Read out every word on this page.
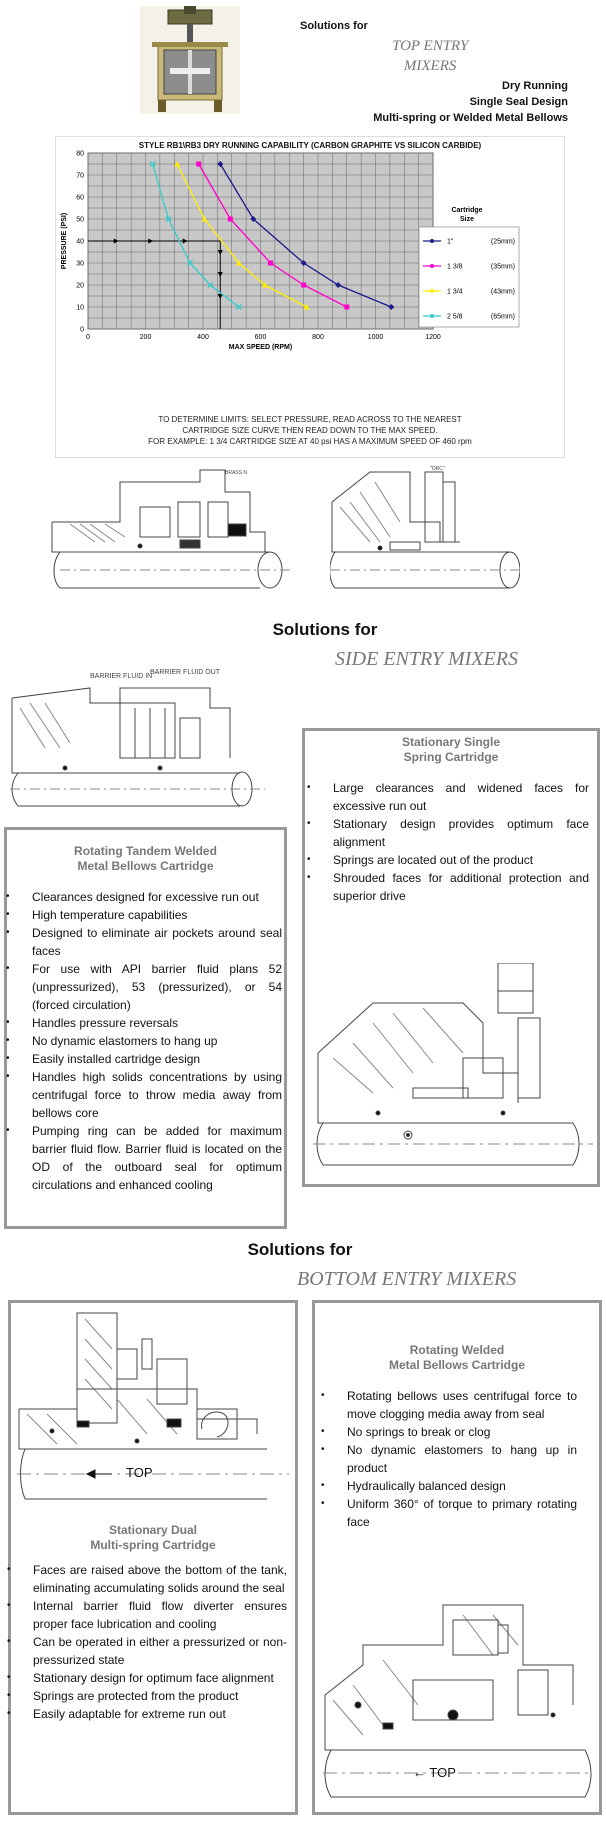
Solutions for
TOP ENTRY
MIXERS
Dry Running
Single Seal Design
Multi-spring or Welded Metal Bellows
STYLE RB1\RB3 DRY RUNNING CAPABILITY (CARBON GRAPHITE VS SILICON CARBIDE)
0	200	400	600	800	1000	1200
0
10
20
30
40
50
60
70
80
MAX SPEED (RPM)
PRESSURE (PSI)
Cartridge
Size
1"	(25mm)
1 3/8	(35mm)
1 3/4	(43mm)
2 5/8	(65mm)
TO DETERMINE LIMITS: SELECT PRESSURE, READ ACROSS TO THE NEAREST
CARTRIDGE SIZE CURVE THEN READ DOWN TO THE MAX SPEED.
FOR EXAMPLE: 1 3/4 CARTRIDGE SIZE AT 40 psi HAS A MAXIMUM SPEED OF 460 rpm
BRASS N
"ORC"
Solutions for
SIDE ENTRY MIXERS
BARRIER FLUID IN
BARRIER FLUID OUT
Stationary Single
Spring Cartridge
• Large clearances and widened faces for excessive run out
• Stationary design provides optimum face alignment
• Springs are located out of the product
• Shrouded faces for additional protection and superior drive
Rotating Tandem Welded
Metal Bellows Cartridge
• Clearances designed for excessive run out
• High temperature capabilities
• Designed to eliminate air pockets around seal faces
• For use with API barrier fluid plans 52 (unpressurized), 53 (pressurized), or 54 (forced circulation)
• Handles pressure reversals
• No dynamic elastomers to hang up
• Easily installed cartridge design
• Handles high solids concentrations by using centrifugal force to throw media away from bellows core
• Pumping ring can be added for maximum barrier fluid flow. Barrier fluid is located on the OD of the outboard seal for optimum circulations and enhanced cooling
Solutions for
BOTTOM ENTRY MIXERS
TOP
Stationary Dual
Multi-spring Cartridge
• Faces are raised above the bottom of the tank, eliminating accumulating solids around the seal
• Internal barrier fluid flow diverter ensures proper face lubrication and cooling
• Can be operated in either a pressurized or non-pressurized state
• Stationary design for optimum face alignment
• Springs are protected from the product
• Easily adaptable for extreme run out
Rotating Welded
Metal Bellows Cartridge
• Rotating bellows uses centrifugal force to move clogging media away from seal
• No springs to break or clog
• No dynamic elastomers to hang up in product
• Hydraulically balanced design
• Uniform 360° of torque to primary rotating face
← TOP
